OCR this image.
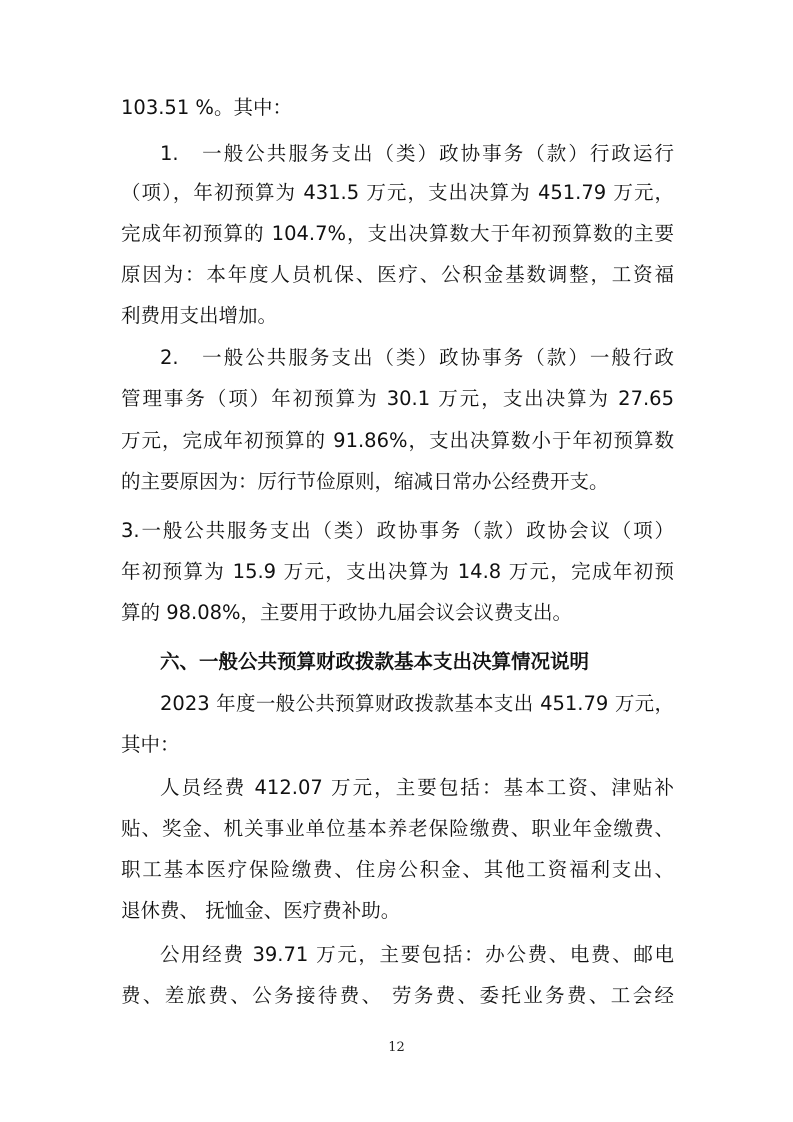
103.51 %。其中：
1.　一般公共服务支出（类）政协事务（款）行政运行
（项），年初预算为 431.5 万元，支出决算为 451.79 万元，
完成年初预算的 104.7%，支出决算数大于年初预算数的主要
原因为：本年度人员机保、医疗、公积金基数调整，工资福
利费用支出增加。
2.　一般公共服务支出（类）政协事务（款）一般行政
管理事务（项）年初预算为 30.1 万元，支出决算为 27.65
万元，完成年初预算的 91.86%，支出决算数小于年初预算数
的主要原因为：厉行节俭原则，缩减日常办公经费开支。
3.一般公共服务支出（类）政协事务（款）政协会议（项）
年初预算为 15.9 万元，支出决算为 14.8 万元，完成年初预
算的 98.08%，主要用于政协九届会议会议费支出。
六、一般公共预算财政拨款基本支出决算情况说明
2023 年度一般公共预算财政拨款基本支出 451.79 万元，
其中：
人员经费 412.07 万元，主要包括：基本工资、津贴补
贴、奖金、机关事业单位基本养老保险缴费、职业年金缴费、
职工基本医疗保险缴费、住房公积金、其他工资福利支出、
退休费、 抚恤金、医疗费补助。
公用经费 39.71 万元，主要包括：办公费、电费、邮电
费、差旅费、公务接待费、 劳务费、委托业务费、工会经
12
